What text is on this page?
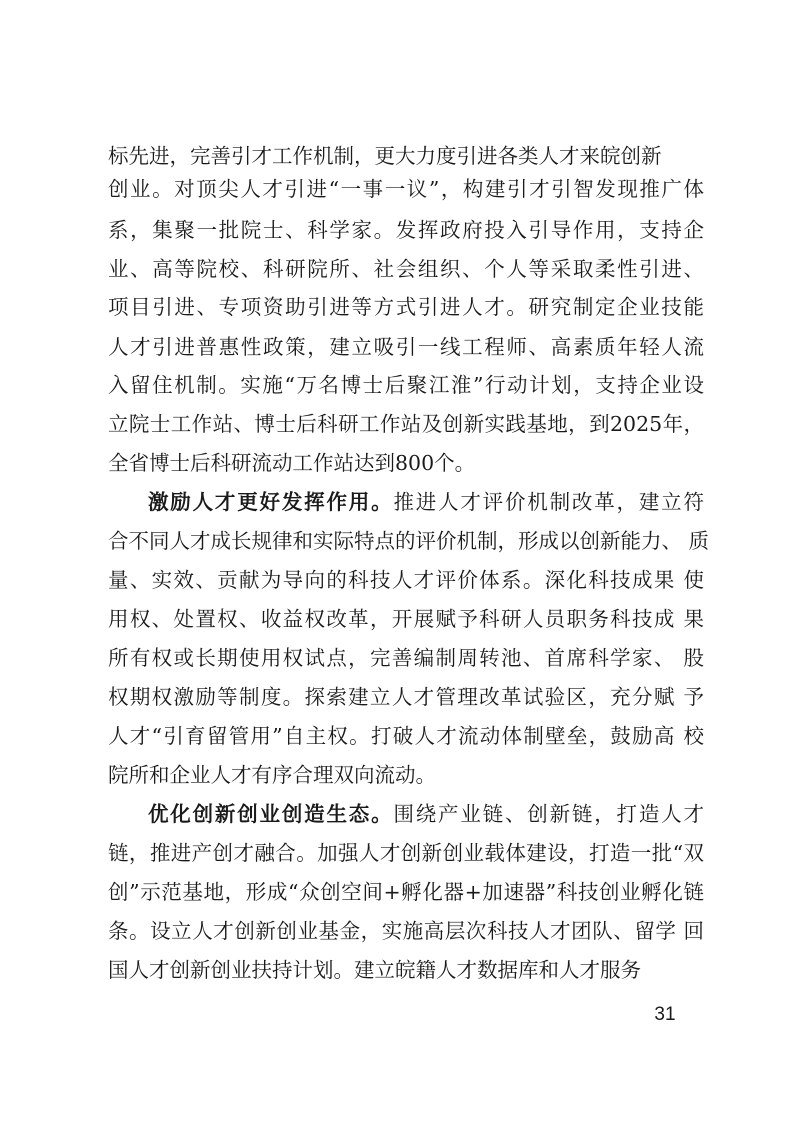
标先进，完善引才工作机制，更大力度引进各类人才来皖创新
创业。对顶尖人才引进“一事一议”，构建引才引智发现推广体
系，集聚一批院士、科学家。发挥政府投入引导作用，支持企
业、高等院校、科研院所、社会组织、个人等采取柔性引进、
项目引进、专项资助引进等方式引进人才。研究制定企业技能
人才引进普惠性政策，建立吸引一线工程师、高素质年轻人流
入留住机制。实施“万名博士后聚江淮”行动计划，支持企业设
立院士工作站、博士后科研工作站及创新实践基地，到2025年，
全省博士后科研流动工作站达到800个。
激励人才更好发挥作用。推进人才评价机制改革，建立符
合不同人才成长规律和实际特点的评价机制，形成以创新能力、 质
量、实效、贡献为导向的科技人才评价体系。深化科技成果 使
用权、处置权、收益权改革，开展赋予科研人员职务科技成 果
所有权或长期使用权试点，完善编制周转池、首席科学家、 股
权期权激励等制度。探索建立人才管理改革试验区，充分赋 予
人才“引育留管用”自主权。打破人才流动体制壁垒，鼓励高 校
院所和企业人才有序合理双向流动。
优化创新创业创造生态。围绕产业链、创新链，打造人才
链，推进产创才融合。加强人才创新创业载体建设，打造一批“双
创”示范基地，形成“众创空间+孵化器+加速器”科技创业孵化链
条。设立人才创新创业基金，实施高层次科技人才团队、留学 回
国人才创新创业扶持计划。建立皖籍人才数据库和人才服务
31
